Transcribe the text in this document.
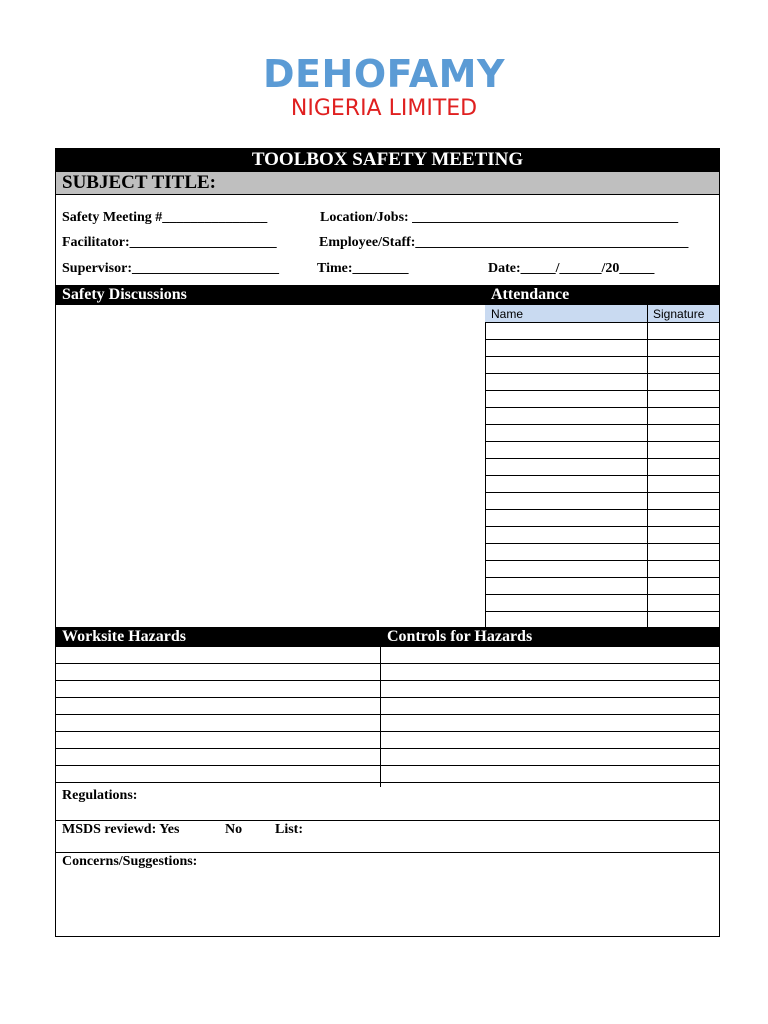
DEHOFAMY
NIGERIA LIMITED
TOOLBOX SAFETY MEETING
SUBJECT TITLE:
Safety Meeting #_______________	Location/Jobs: ______________________________________
Facilitator:_____________________	Employee/Staff:_______________________________________
Supervisor:_____________________	Time:________	Date:_____/______/20_____
Safety Discussions	Attendance
Name	Signature
Worksite Hazards	Controls for Hazards
Regulations:
MSDS reviewd: Yes	No List:
Concerns/Suggestions:
